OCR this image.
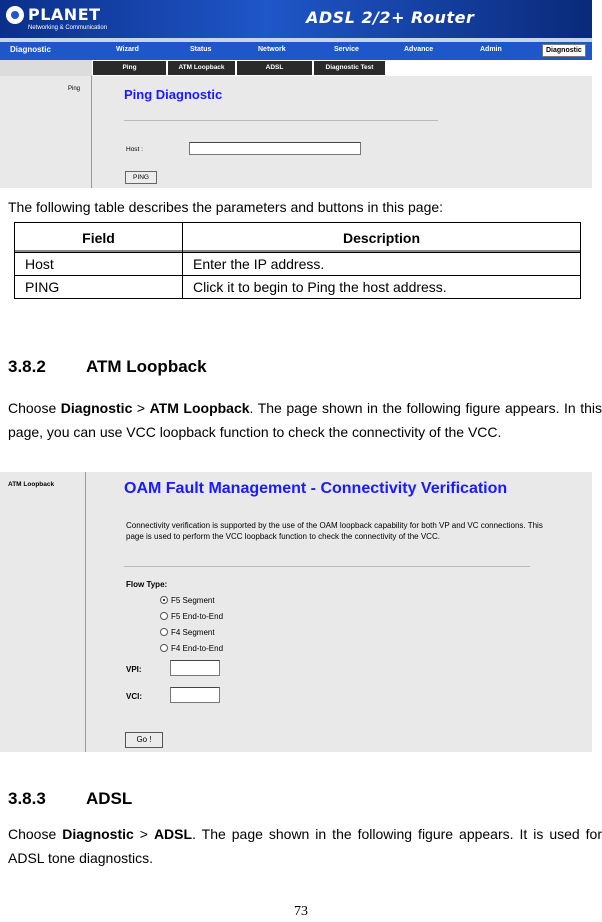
PLANET
Networking & Communication
ADSL 2/2+ Router
Diagnostic	Wizard	Status	Network	Service	Advance	Admin	Diagnostic
Ping	ATM Loopback	ADSL	Diagnostic Test
Ping	Ping Diagnostic
Host :
PING
The following table describes the parameters and buttons in this page:
Field	Description
Host	Enter the IP address.
PING	Click it to begin to Ping the host address.
3.8.2 ATM Loopback
Choose Diagnostic > ATM Loopback. The page shown in the following figure appears. In this page, you can use VCC loopback function to check the connectivity of the VCC.
ATM Loopback	OAM Fault Management - Connectivity Verification
Connectivity verification is supported by the use of the OAM loopback capability for both VP and VC connections. This page is used to perform the VCC loopback function to check the connectivity of the VCC.
Flow Type:
F5 Segment
F5 End-to-End
F4 Segment
F4 End-to-End
VPI:
VCI:
Go !
3.8.3 ADSL
Choose Diagnostic > ADSL. The page shown in the following figure appears. It is used for ADSL tone diagnostics.
73
